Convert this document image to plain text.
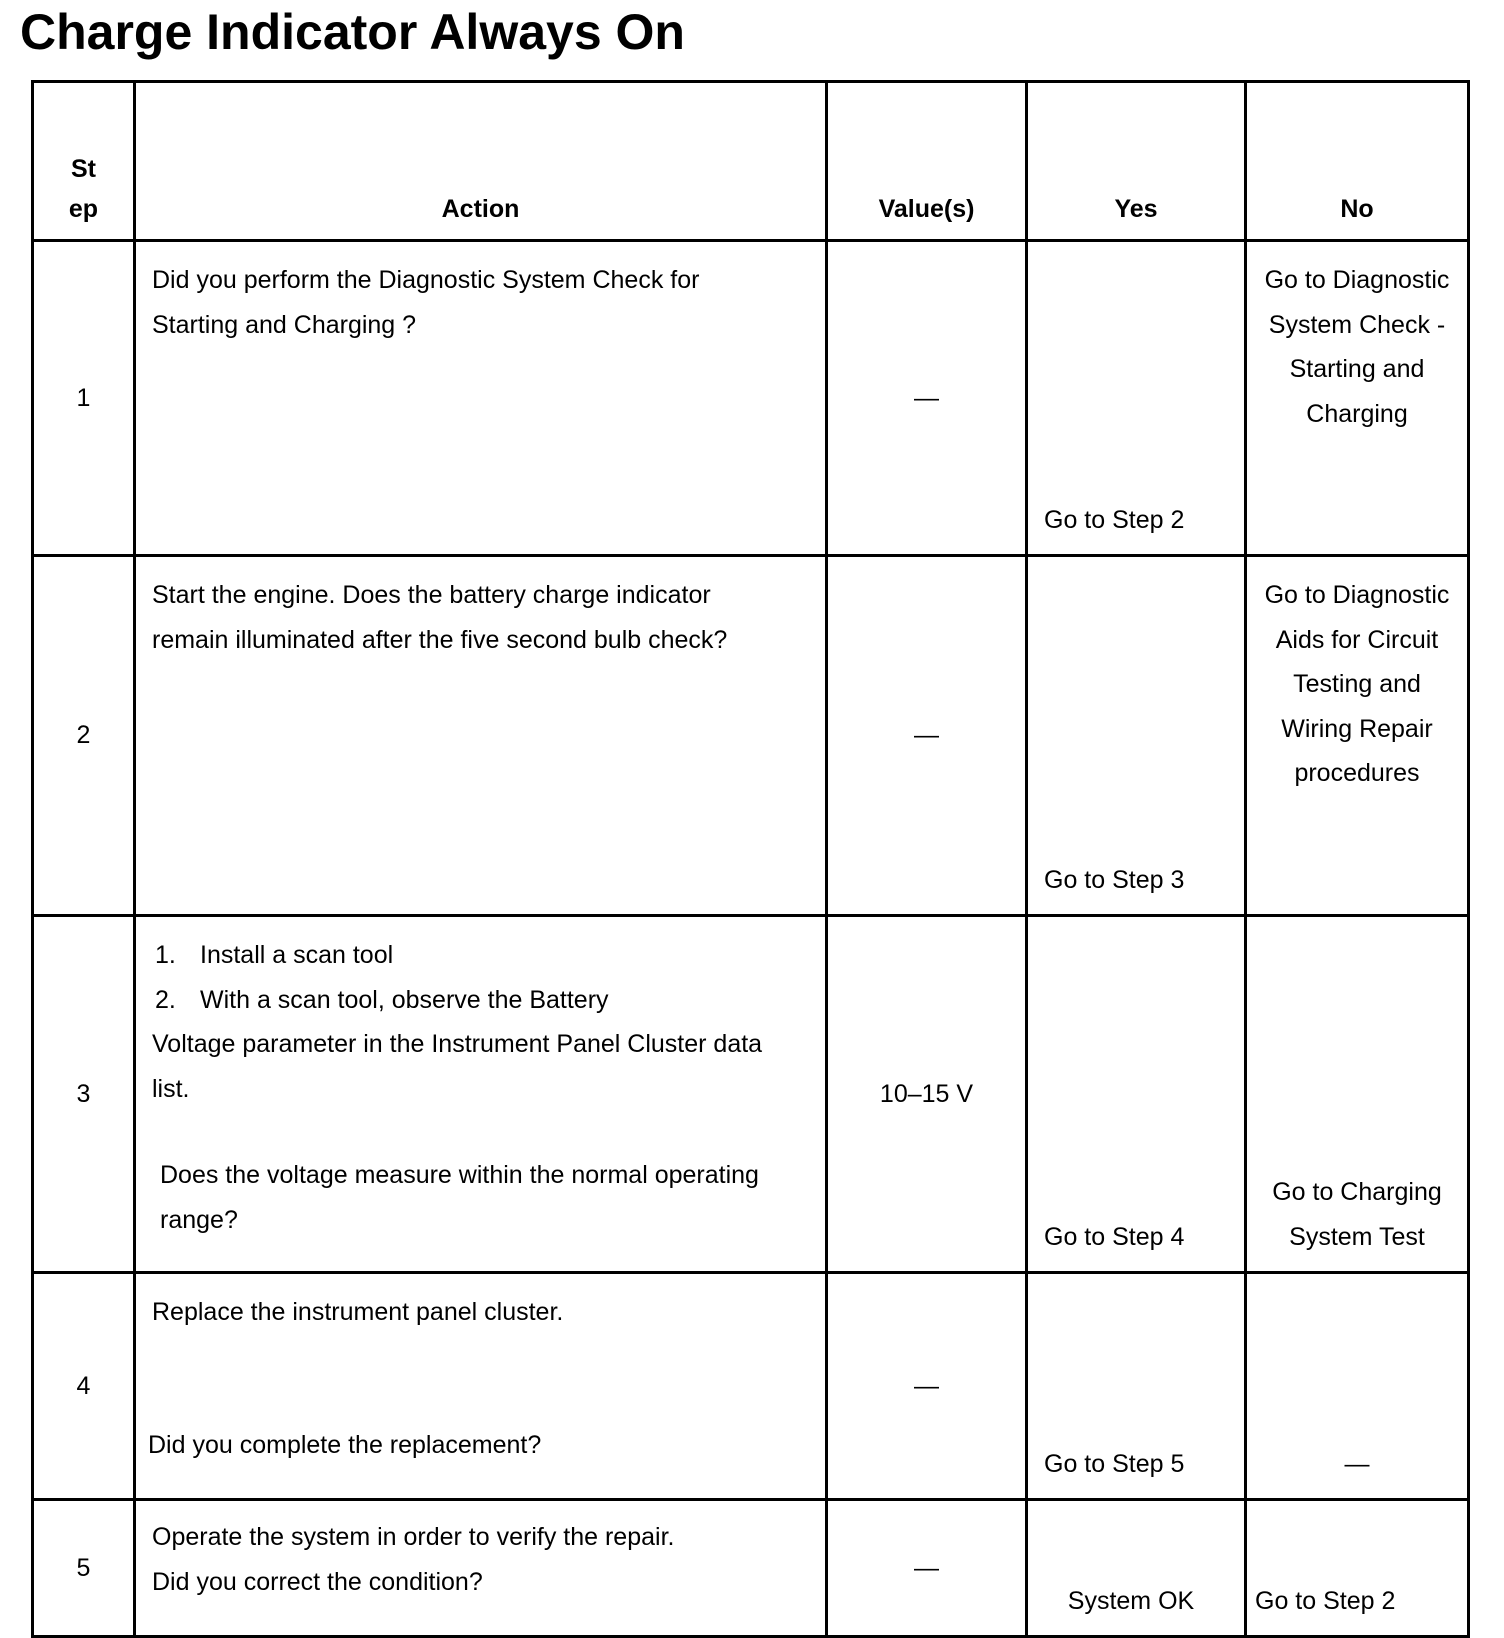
Charge Indicator Always On
St ep	Action	Value(s)	Yes	No
1	Did you perform the Diagnostic System Check for Starting and Charging ?	—	Go to Step 2	Go to Diagnostic System Check - Starting and Charging
2	Start the engine. Does the battery charge indicator remain illuminated after the five second bulb check?	—	Go to Step 3	Go to Diagnostic Aids for Circuit Testing and Wiring Repair procedures
3	1. Install a scan tool
2. With a scan tool, observe the Battery
Voltage parameter in the Instrument Panel Cluster data list.
Does the voltage measure within the normal operating range?	10–15 V	Go to Step 4	Go to Charging System Test
4	Replace the instrument panel cluster.
Did you complete the replacement?	—	Go to Step 5	—
5	Operate the system in order to verify the repair.
Did you correct the condition?	—	System OK	Go to Step 2
